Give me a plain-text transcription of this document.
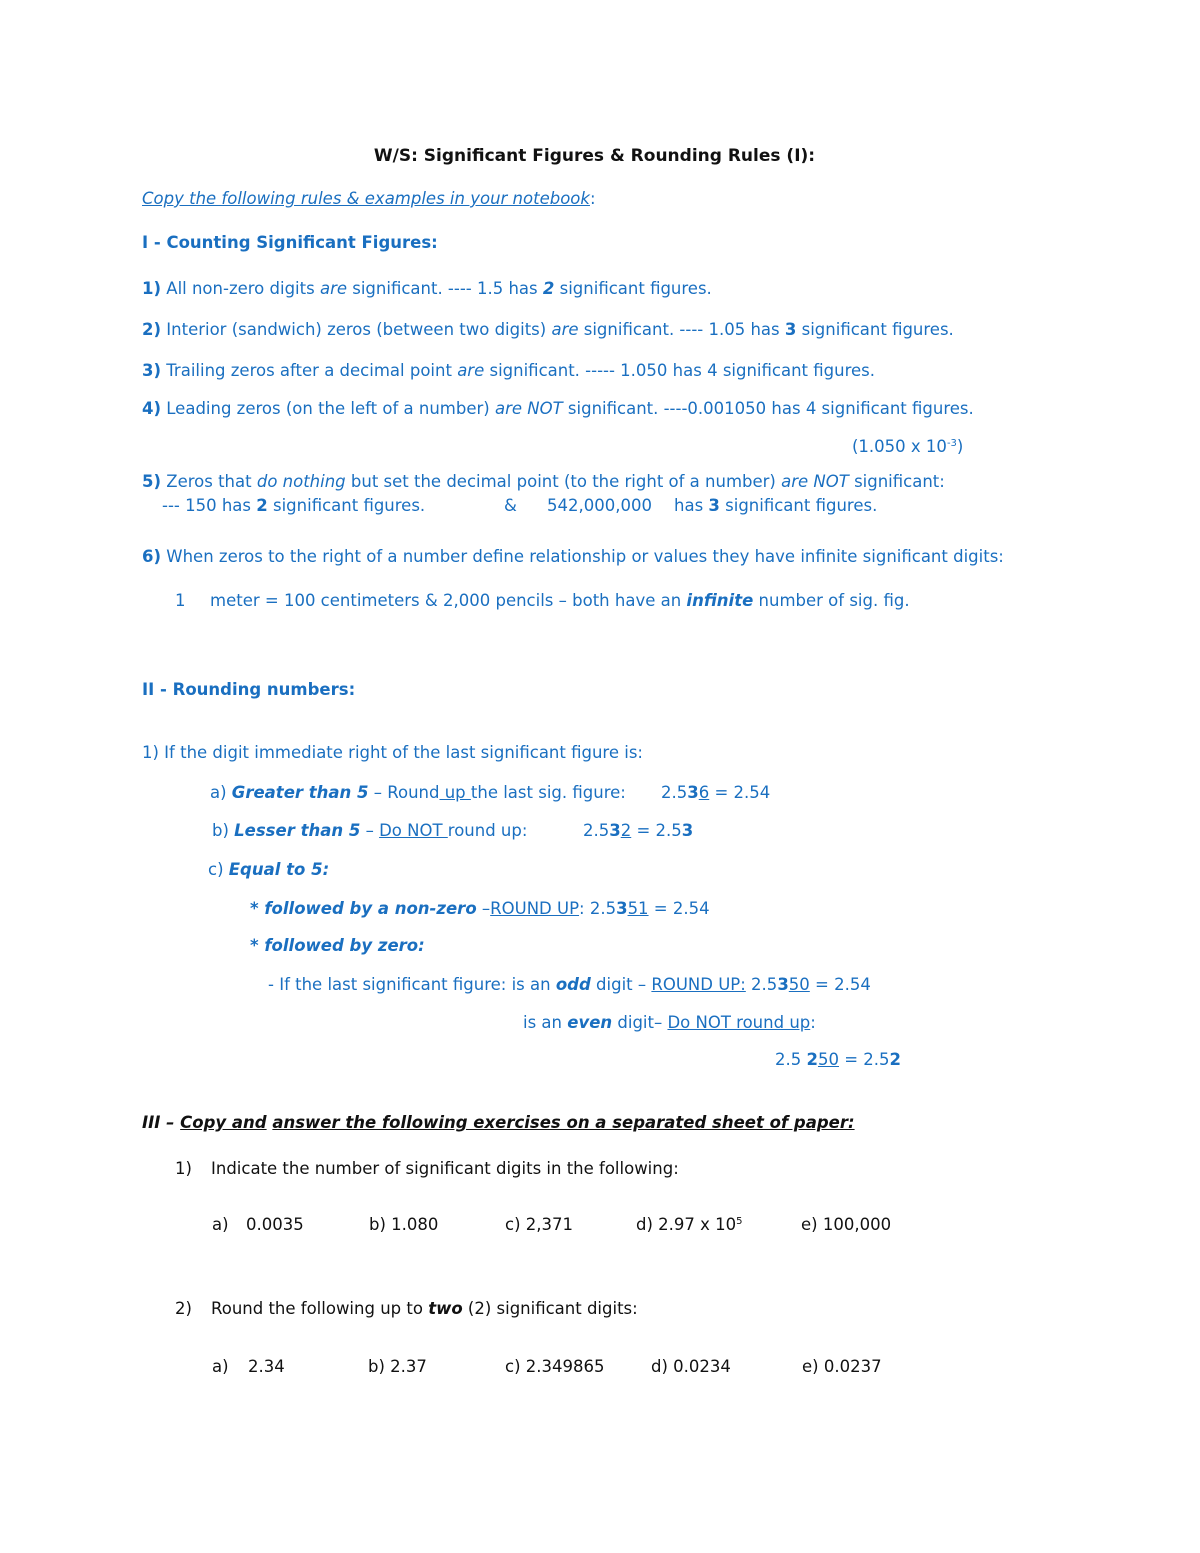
W/S: Significant Figures & Rounding Rules (I):
Copy the following rules & examples in your notebook:
I - Counting Significant Figures:
1) All non-zero digits are significant. ---- 1.5 has 2 significant figures.
2) Interior (sandwich) zeros (between two digits) are significant. ---- 1.05 has 3 significant figures.
3) Trailing zeros after a decimal point are significant. ----- 1.050 has 4 significant figures.
4) Leading zeros (on the left of a number) are NOT significant. ----0.001050 has 4 significant figures.
(1.050 x $10^{-3}$)
5) Zeros that do nothing but set the decimal point (to the right of a number) are NOT significant:
--- 150 has 2 significant figures.	& 542,000,000 has 3 significant figures.
6) When zeros to the right of a number define relationship or values they have infinite significant digits:
1 meter = 100 centimeters & 2,000 pencils – both have an infinite number of sig. fig.
II - Rounding numbers:
1) If the digit immediate right of the last significant figure is:
a) Greater than 5 – Round up the last sig. figure: 2.536 = 2.54
b) Lesser than 5 – Do NOT round up:	2.532 = 2.53
c) Equal to 5:
* followed by a non-zero –ROUND UP: 2.5351 = 2.54
* followed by zero:
- If the last significant figure: is an odd digit – ROUND UP: 2.5350 = 2.54
is an even digit– Do NOT round up:
2.5 250 = 2.52
III – Copy and answer the following exercises on a separated sheet of paper:
1) Indicate the number of significant digits in the following:
a) 0.0035	b) 1.080	c) 2,371	d) 2.97 x $10^5$	e) 100,000
2) Round the following up to two (2) significant digits:
a) 2.34	b) 2.37	c) 2.349865	d) 0.0234	e) 0.0237
